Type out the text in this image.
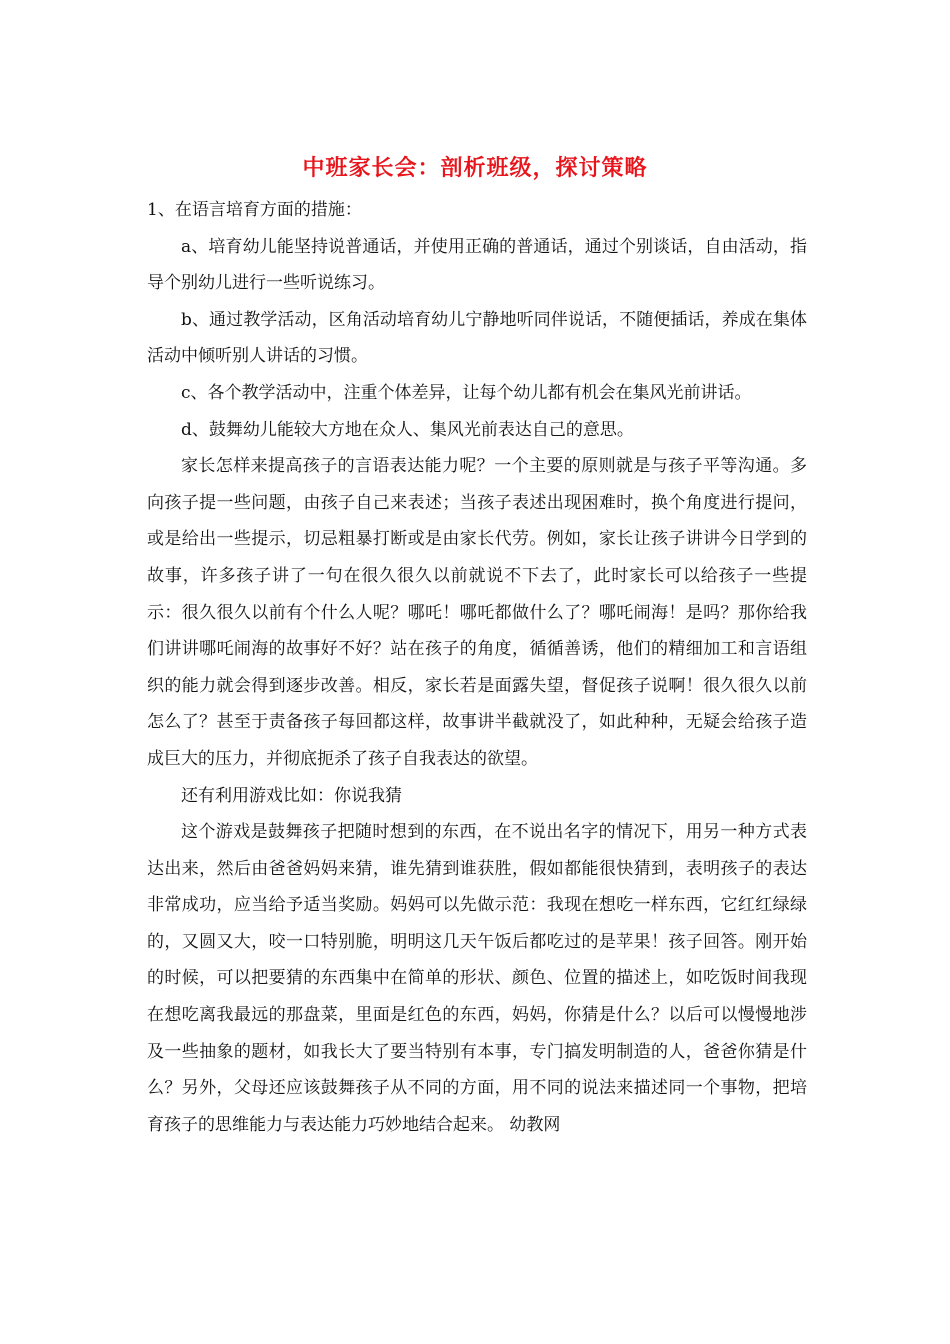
中班家长会：剖析班级，探讨策略

1、在语言培育方面的措施：

a、培育幼儿能坚持说普通话，并使用正确的普通话，通过个别谈话，自由活动，指导个别幼儿进行一些听说练习。

b、通过教学活动，区角活动培育幼儿宁静地听同伴说话，不随便插话，养成在集体活动中倾听别人讲话的习惯。

c、各个教学活动中，注重个体差异，让每个幼儿都有机会在集风光前讲话。

d、鼓舞幼儿能较大方地在众人、集风光前表达自己的意思。

家长怎样来提高孩子的言语表达能力呢？一个主要的原则就是与孩子平等沟通。多向孩子提一些问题，由孩子自己来表述；当孩子表述出现困难时，换个角度进行提问，或是给出一些提示，切忌粗暴打断或是由家长代劳。例如，家长让孩子讲讲今日学到的故事，许多孩子讲了一句在很久很久以前就说不下去了，此时家长可以给孩子一些提示：很久很久以前有个什么人呢？哪吒！哪吒都做什么了？哪吒闹海！是吗？那你给我们讲讲哪吒闹海的故事好不好？站在孩子的角度，循循善诱，他们的精细加工和言语组织的能力就会得到逐步改善。相反，家长若是面露失望，督促孩子说啊！很久很久以前怎么了？甚至于责备孩子每回都这样，故事讲半截就没了，如此种种，无疑会给孩子造成巨大的压力，并彻底扼杀了孩子自我表达的欲望。

还有利用游戏比如：你说我猜

这个游戏是鼓舞孩子把随时想到的东西，在不说出名字的情况下，用另一种方式表达出来，然后由爸爸妈妈来猜，谁先猜到谁获胜，假如都能很快猜到，表明孩子的表达非常成功，应当给予适当奖励。妈妈可以先做示范：我现在想吃一样东西，它红红绿绿的，又圆又大，咬一口特别脆，明明这几天午饭后都吃过的是苹果！孩子回答。刚开始的时候，可以把要猜的东西集中在简单的形状、颜色、位置的描述上，如吃饭时间我现在想吃离我最远的那盘菜，里面是红色的东西，妈妈，你猜是什么？以后可以慢慢地涉及一些抽象的题材，如我长大了要当特别有本事，专门搞发明制造的人，爸爸你猜是什么？另外，父母还应该鼓舞孩子从不同的方面，用不同的说法来描述同一个事物，把培育孩子的思维能力与表达能力巧妙地结合起来。 幼教网
